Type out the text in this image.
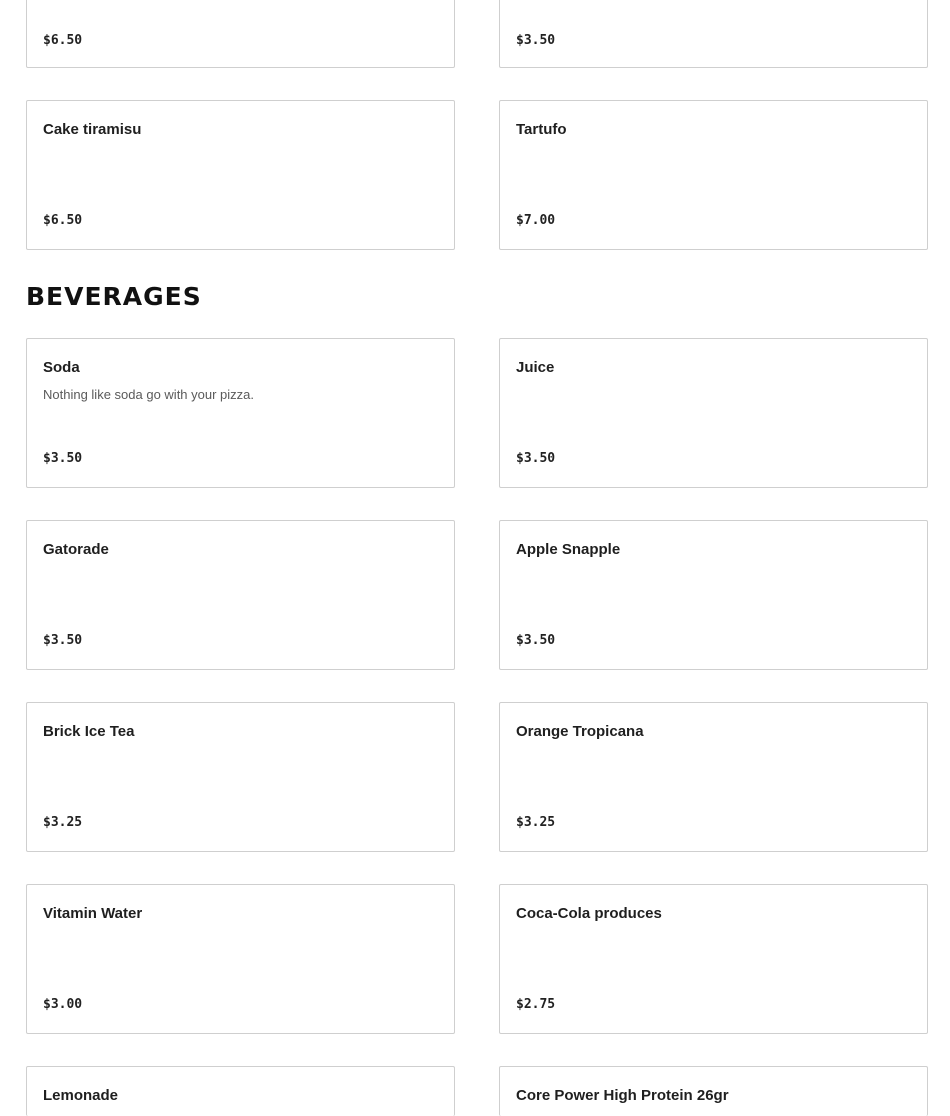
$6.50	$3.50
Cake tiramisu
$6.50
Tartufo
$7.00
BEVERAGES
Soda
Nothing like soda go with your pizza.
$3.50
Juice
$3.50
Gatorade
$3.50
Apple Snapple
$3.50
Brick Ice Tea
$3.25
Orange Tropicana
$3.25
Vitamin Water
$3.00
Coca-Cola produces
$2.75
Lemonade	Core Power High Protein 26gr
